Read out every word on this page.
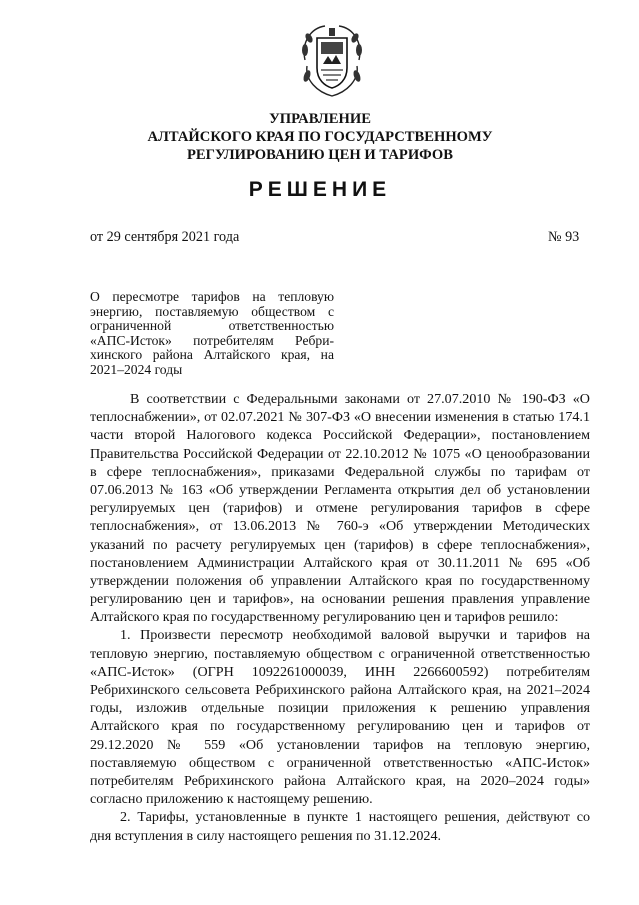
УПРАВЛЕНИЕ
АЛТАЙСКОГО КРАЯ ПО ГОСУДАРСТВЕННОМУ
РЕГУЛИРОВАНИЮ ЦЕН И ТАРИФОВ
РЕШЕНИЕ
от 29 сентября 2021 года	№ 93
О пересмотре тарифов на тепловую
энергию, поставляемую обществом с
ограниченной ответственностью
«АПС-Исток» потребителям Ребри-
хинского района Алтайского края, на
2021–2024 годы
В соответствии с Федеральными законами от 27.07.2010 № 190-ФЗ «О
теплоснабжении», от 02.07.2021 № 307-ФЗ «О внесении изменения в статью 174.1
части второй Налогового кодекса Российской Федерации», постановлением
Правительства Российской Федерации от 22.10.2012 № 1075 «О ценообразовании
в сфере теплоснабжения», приказами Федеральной службы по тарифам от
07.06.2013 № 163 «Об утверждении Регламента открытия дел об установлении
регулируемых цен (тарифов) и отмене регулирования тарифов в сфере
теплоснабжения», от 13.06.2013 № 760-э «Об утверждении Методических
указаний по расчету регулируемых цен (тарифов) в сфере теплоснабжения»,
постановлением Администрации Алтайского края от 30.11.2011 № 695 «Об
утверждении положения об управлении Алтайского края по государственному
регулированию цен и тарифов», на основании решения правления управление
Алтайского края по государственному регулированию цен и тарифов решило:
1. Произвести пересмотр необходимой валовой выручки и тарифов на
тепловую энергию, поставляемую обществом с ограниченной ответственностью
«АПС-Исток» (ОГРН 1092261000039, ИНН 2266600592) потребителям
Ребрихинского сельсовета Ребрихинского района Алтайского края, на 2021–2024
годы, изложив отдельные позиции приложения к решению управления
Алтайского края по государственному регулированию цен и тарифов от
29.12.2020 № 559 «Об установлении тарифов на тепловую энергию,
поставляемую обществом с ограниченной ответственностью «АПС-Исток»
потребителям Ребрихинского района Алтайского края, на 2020–2024 годы»
согласно приложению к настоящему решению.
2. Тарифы, установленные в пункте 1 настоящего решения, действуют со
дня вступления в силу настоящего решения по 31.12.2024.
